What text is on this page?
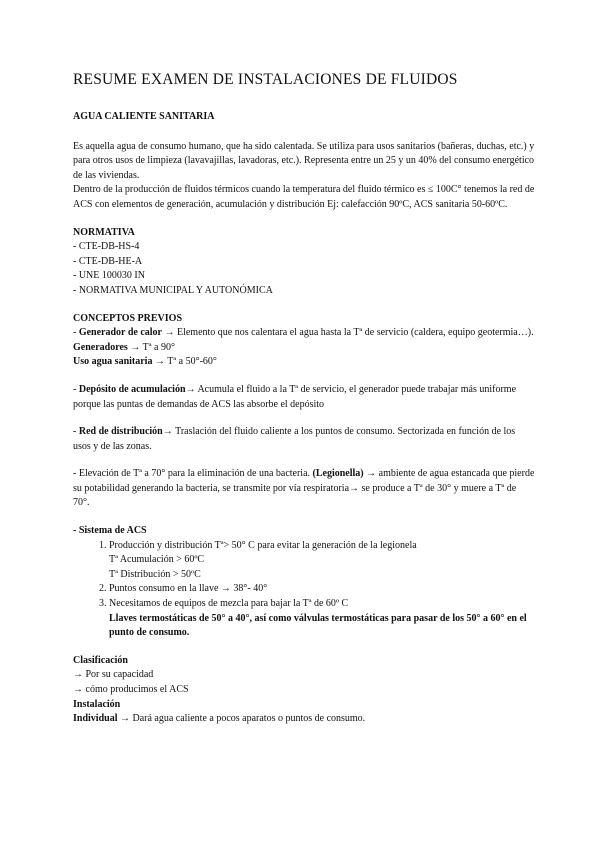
RESUME EXAMEN DE INSTALACIONES DE FLUIDOS

AGUA CALIENTE SANITARIA

Es aquella agua de consumo humano, que ha sido calentada. Se utiliza para usos sanitarios (bañeras, duchas, etc.) y para otros usos de limpieza (lavavajillas, lavadoras, etc.). Representa entre un 25 y un 40% del consumo energético de las viviendas.

Dentro de la producción de fluidos térmicos cuando la temperatura del fluido térmico es ≤ 100C° tenemos la red de ACS con elementos de generación, acumulación y distribución Ej: calefacción 90ºC, ACS sanitaria 50-60ºC.

NORMATIVA

- CTE-DB-HS-4

- CTE-DB-HE-A

- UNE 100030 IN

- NORMATIVA MUNICIPAL Y AUTONÓMICA

CONCEPTOS PREVIOS

- Generador de calor → Elemento que nos calentara el agua hasta la Tª de servicio (caldera, equipo geotermia…).

Generadores → Tª a 90°

Uso agua sanitaria → Tª a 50°-60°

- Depósito de acumulación→ Acumula el fluido a la Tª de servicio, el generador puede trabajar más uniforme porque las puntas de demandas de ACS las absorbe el depósito

- Red de distribución→ Traslación del fluido caliente a los puntos de consumo. Sectorizada en función de los usos y de las zonas.

- Elevación de Tª a 70° para la eliminación de una bacteria. (Legionella) → ambiente de agua estancada que pierde su potabilidad generando la bacteria, se transmite por vía respiratoria→ se produce a Tª de 30° y muere a Tª de 70°.

- Sistema de ACS

1. Producción y distribución Tª> 50° C para evitar la generación de la legionela
Tª Acumulación > 60ºC
Tª Distribución > 50ºC
2. Puntos consumo en la llave → 38°- 40°
3. Necesitamos de equipos de mezcla para bajar la Tª de 60º C
Llaves termostáticas de 50° a 40°, así como válvulas termostáticas para pasar de los 50° a 60° en el punto de consumo.

Clasificación

→ Por su capacidad

→ cómo producimos el ACS

Instalación

Individual → Dará agua caliente a pocos aparatos o puntos de consumo.
